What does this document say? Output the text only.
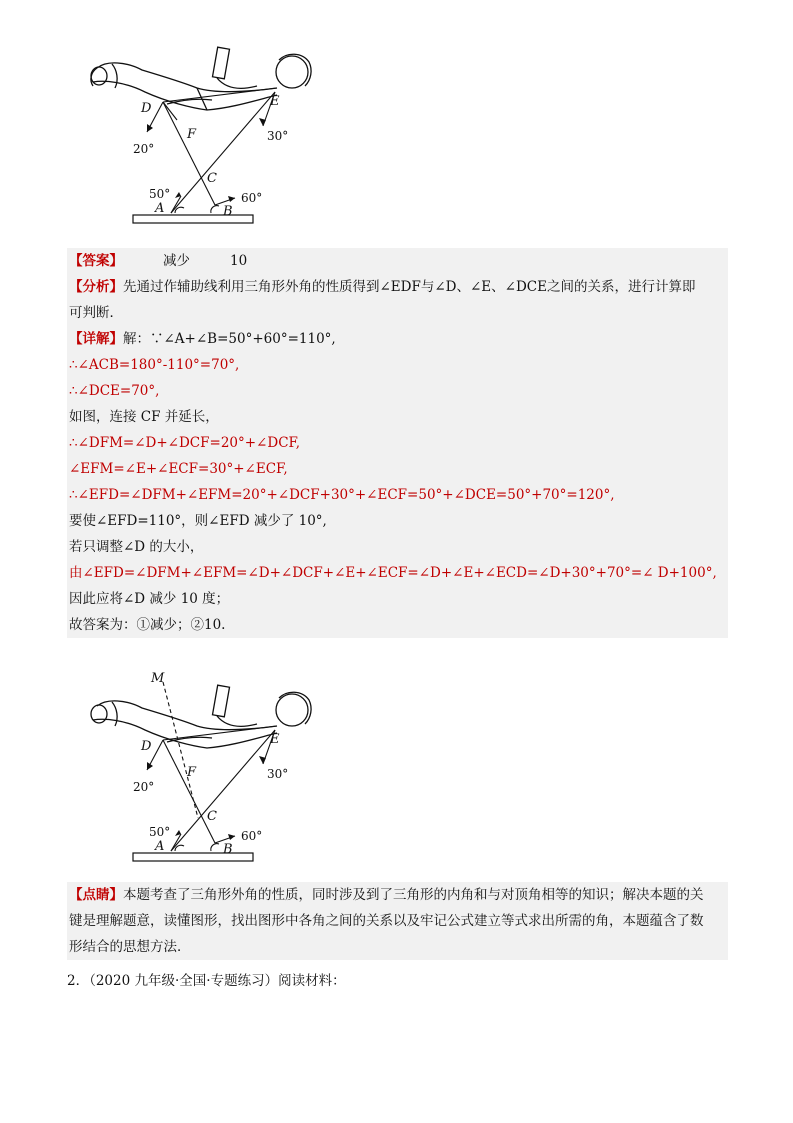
D	E
F
C
A	B
20°
30°
50°	60°
【答案】	减少	10
【分析】先通过作辅助线利用三角形外角的性质得到∠EDF与∠D、∠E、∠DCE之间的关系，进行计算即
可判断．
【详解】解：∵∠A+∠B=50°+60°=110°,
∴∠ACB=180°-110°=70°,
∴∠DCE=70°,
如图，连接 CF 并延长，
∴∠DFM=∠D+∠DCF=20°+∠DCF,
∠EFM=∠E+∠ECF=30°+∠ECF,
∴∠EFD=∠DFM+∠EFM=20°+∠DCF+30°+∠ECF=50°+∠DCE=50°+70°=120°,
要使∠EFD=110°，则∠EFD 减少了 10°,
若只调整∠D 的大小，
由∠EFD=∠DFM+∠EFM=∠D+∠DCF+∠E+∠ECF=∠D+∠E+∠ECD=∠D+30°+70°=∠ D+100°,
因此应将∠D 减少 10 度；
故答案为：①减少；②10.
M
D	E
F
C
A	B
20°
30°
50°	60°
【点睛】本题考查了三角形外角的性质，同时涉及到了三角形的内角和与对顶角相等的知识；解决本题的关
键是理解题意，读懂图形，找出图形中各角之间的关系以及牢记公式建立等式求出所需的角，本题蕴含了数
形结合的思想方法．
2．（2020 九年级·全国·专题练习）阅读材料：
